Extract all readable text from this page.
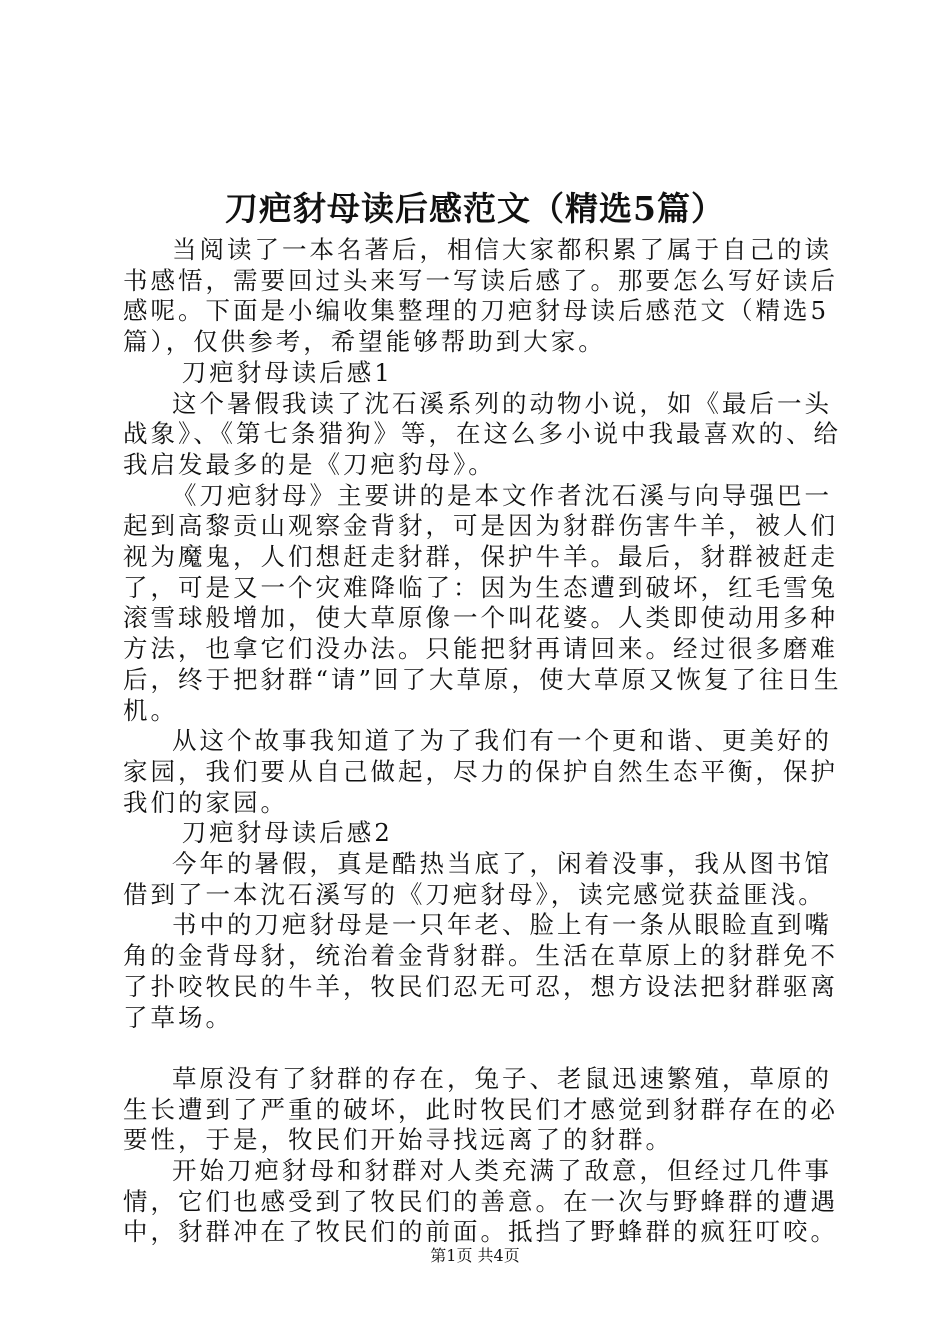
刀疤豺母读后感范文（精选5篇）

当阅读了一本名著后，相信大家都积累了属于自己的读书感悟，需要回过头来写一写读后感了。那要怎么写好读后感呢。下面是小编收集整理的刀疤豺母读后感范文（精选5篇），仅供参考，希望能够帮助到大家。

刀疤豺母读后感1

这个暑假我读了沈石溪系列的动物小说，如《最后一头战象》、《第七条猎狗》等，在这么多小说中我最喜欢的、给我启发最多的是《刀疤豹母》。

《刀疤豺母》主要讲的是本文作者沈石溪与向导强巴一起到高黎贡山观察金背豺，可是因为豺群伤害牛羊，被人们视为魔鬼，人们想赶走豺群，保护牛羊。最后，豺群被赶走了，可是又一个灾难降临了：因为生态遭到破坏，红毛雪兔滚雪球般增加，使大草原像一个叫花婆。人类即使动用多种方法，也拿它们没办法。只能把豺再请回来。经过很多磨难后，终于把豺群“请”回了大草原，使大草原又恢复了往日生机。

从这个故事我知道了为了我们有一个更和谐、更美好的家园，我们要从自己做起，尽力的保护自然生态平衡，保护我们的家园。

刀疤豺母读后感2

今年的暑假，真是酷热当底了，闲着没事，我从图书馆借到了一本沈石溪写的《刀疤豺母》，读完感觉获益匪浅。

书中的刀疤豺母是一只年老、脸上有一条从眼睑直到嘴角的金背母豺，统治着金背豺群。生活在草原上的豺群免不了扑咬牧民的牛羊，牧民们忍无可忍，想方设法把豺群驱离了草场。

草原没有了豺群的存在，兔子、老鼠迅速繁殖，草原的生长遭到了严重的破坏，此时牧民们才感觉到豺群存在的必要性，于是，牧民们开始寻找远离了的豺群。

开始刀疤豺母和豺群对人类充满了敌意，但经过几件事情，它们也感受到了牧民们的善意。在一次与野蜂群的遭遇中，豺群冲在了牧民们的前面。抵挡了野蜂群的疯狂叮咬。

第1页 共4页
